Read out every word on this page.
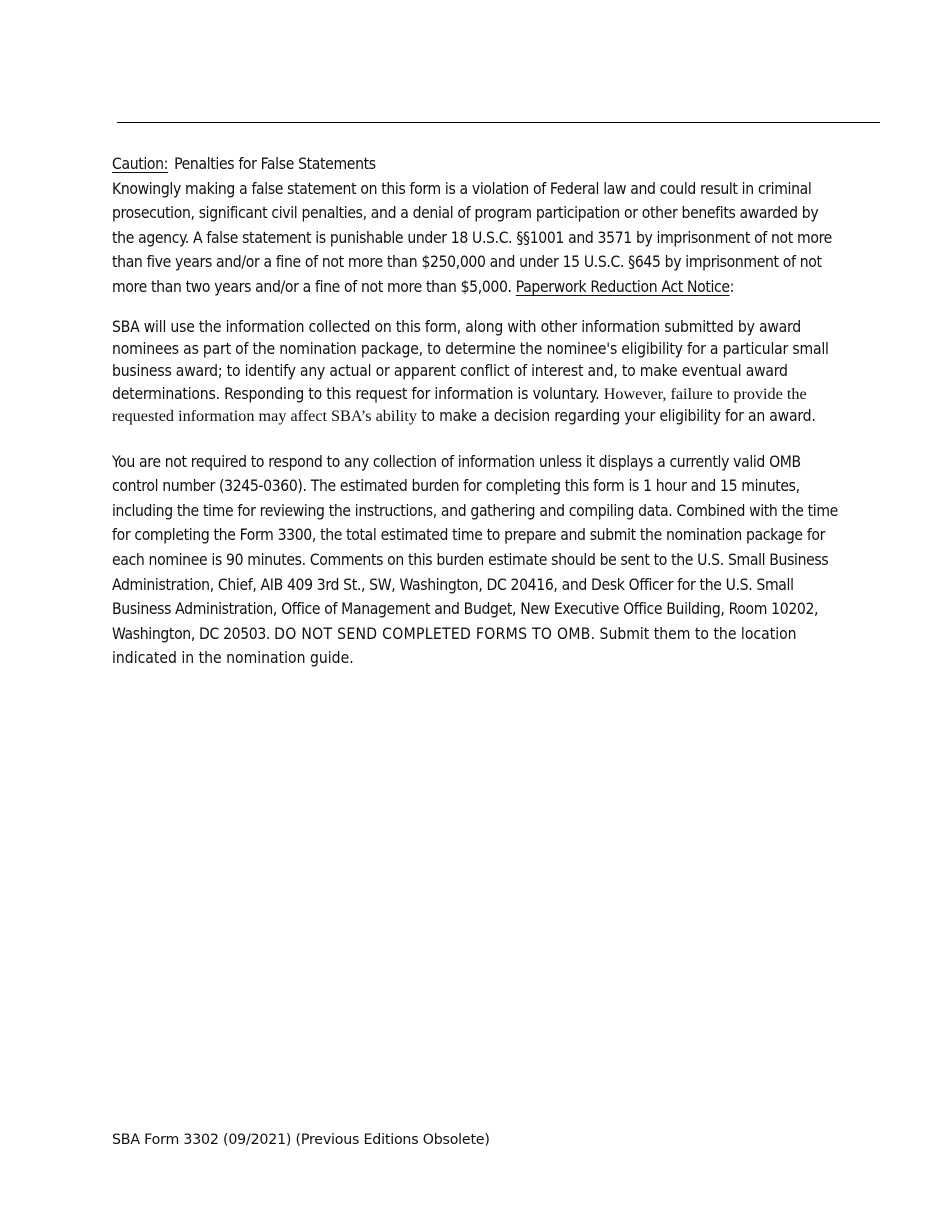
Caution: Penalties for False Statements

Knowingly making a false statement on this form is a violation of Federal law and could result in criminal prosecution, significant civil penalties, and a denial of program participation or other benefits awarded by the agency. A false statement is punishable under 18 U.S.C. §§1001 and 3571 by imprisonment of not more than five years and/or a fine of not more than $250,000 and under 15 U.S.C. §645 by imprisonment of not more than two years and/or a fine of not more than $5,000. Paperwork Reduction Act Notice:

SBA will use the information collected on this form, along with other information submitted by award nominees as part of the nomination package, to determine the nominee's eligibility for a particular small business award; to identify any actual or apparent conflict of interest and, to make eventual award determinations. Responding to this request for information is voluntary. However, failure to provide the requested information may affect SBA’s ability to make a decision regarding your eligibility for an award.

You are not required to respond to any collection of information unless it displays a currently valid OMB control number (3245-0360). The estimated burden for completing this form is 1 hour and 15 minutes, including the time for reviewing the instructions, and gathering and compiling data. Combined with the time for completing the Form 3300, the total estimated time to prepare and submit the nomination package for each nominee is 90 minutes. Comments on this burden estimate should be sent to the U.S. Small Business Administration, Chief, AIB 409 3rd St., SW, Washington, DC 20416, and Desk Officer for the U.S. Small Business Administration, Office of Management and Budget, New Executive Office Building, Room 10202, Washington, DC 20503. DO NOT SEND COMPLETED FORMS TO OMB. Submit them to the location indicated in the nomination guide.

SBA Form 3302 (09/2021) (Previous Editions Obsolete)
